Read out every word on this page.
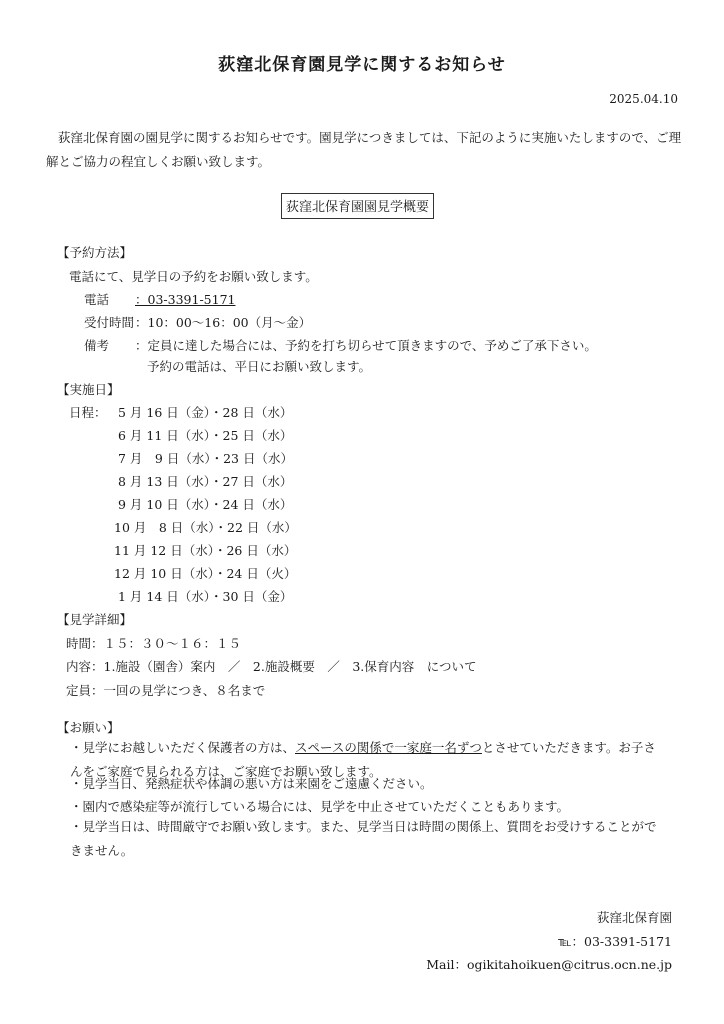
荻窪北保育園見学に関するお知らせ
2025.04.10
荻窪北保育園の園見学に関するお知らせです。園見学につきましては、下記のように実施いたしますので、ご理解とご協力の程宜しくお願い致します。
荻窪北保育園園見学概要
【予約方法】
電話にて、見学日の予約をお願い致します。
電話 ：03-3391-5171
受付時間 ：10：00〜16：00（月〜金）
備考 ：定員に達した場合には、予約を打ち切らせて頂きますので、予めご了承下さい。
予約の電話は、平日にお願い致します。
【実施日】
日程： 5 月 16 日（金）・28 日（水）
6 月 11 日（水）・25 日（水）
7 月　9 日（水）・23 日（水）
8 月 13 日（水）・27 日（水）
9 月 10 日（水）・24 日（水）
10 月　8 日（水）・22 日（水）
11 月 12 日（水）・26 日（水）
12 月 10 日（水）・24 日（火）
1 月 14 日（水）・30 日（金）
【見学詳細】
時間：１５：３０〜１６：１５
内容：1.施設（園舎）案内　／　2.施設概要　／　3.保育内容　について
定員：一回の見学につき、８名まで
【お願い】
・見学にお越しいただく保護者の方は、スペースの関係で一家庭一名ずつとさせていただきます。お子さんをご家庭で見られる方は、ご家庭でお願い致します。
・見学当日、発熱症状や体調の悪い方は来園をご遠慮ください。
・園内で感染症等が流行している場合には、見学を中止させていただくこともあります。
・見学当日は、時間厳守でお願い致します。また、見学当日は時間の関係上、質問をお受けすることができません。
荻窪北保育園
℡：03-3391-5171
Mail：ogikitahoikuen@citrus.ocn.ne.jp
